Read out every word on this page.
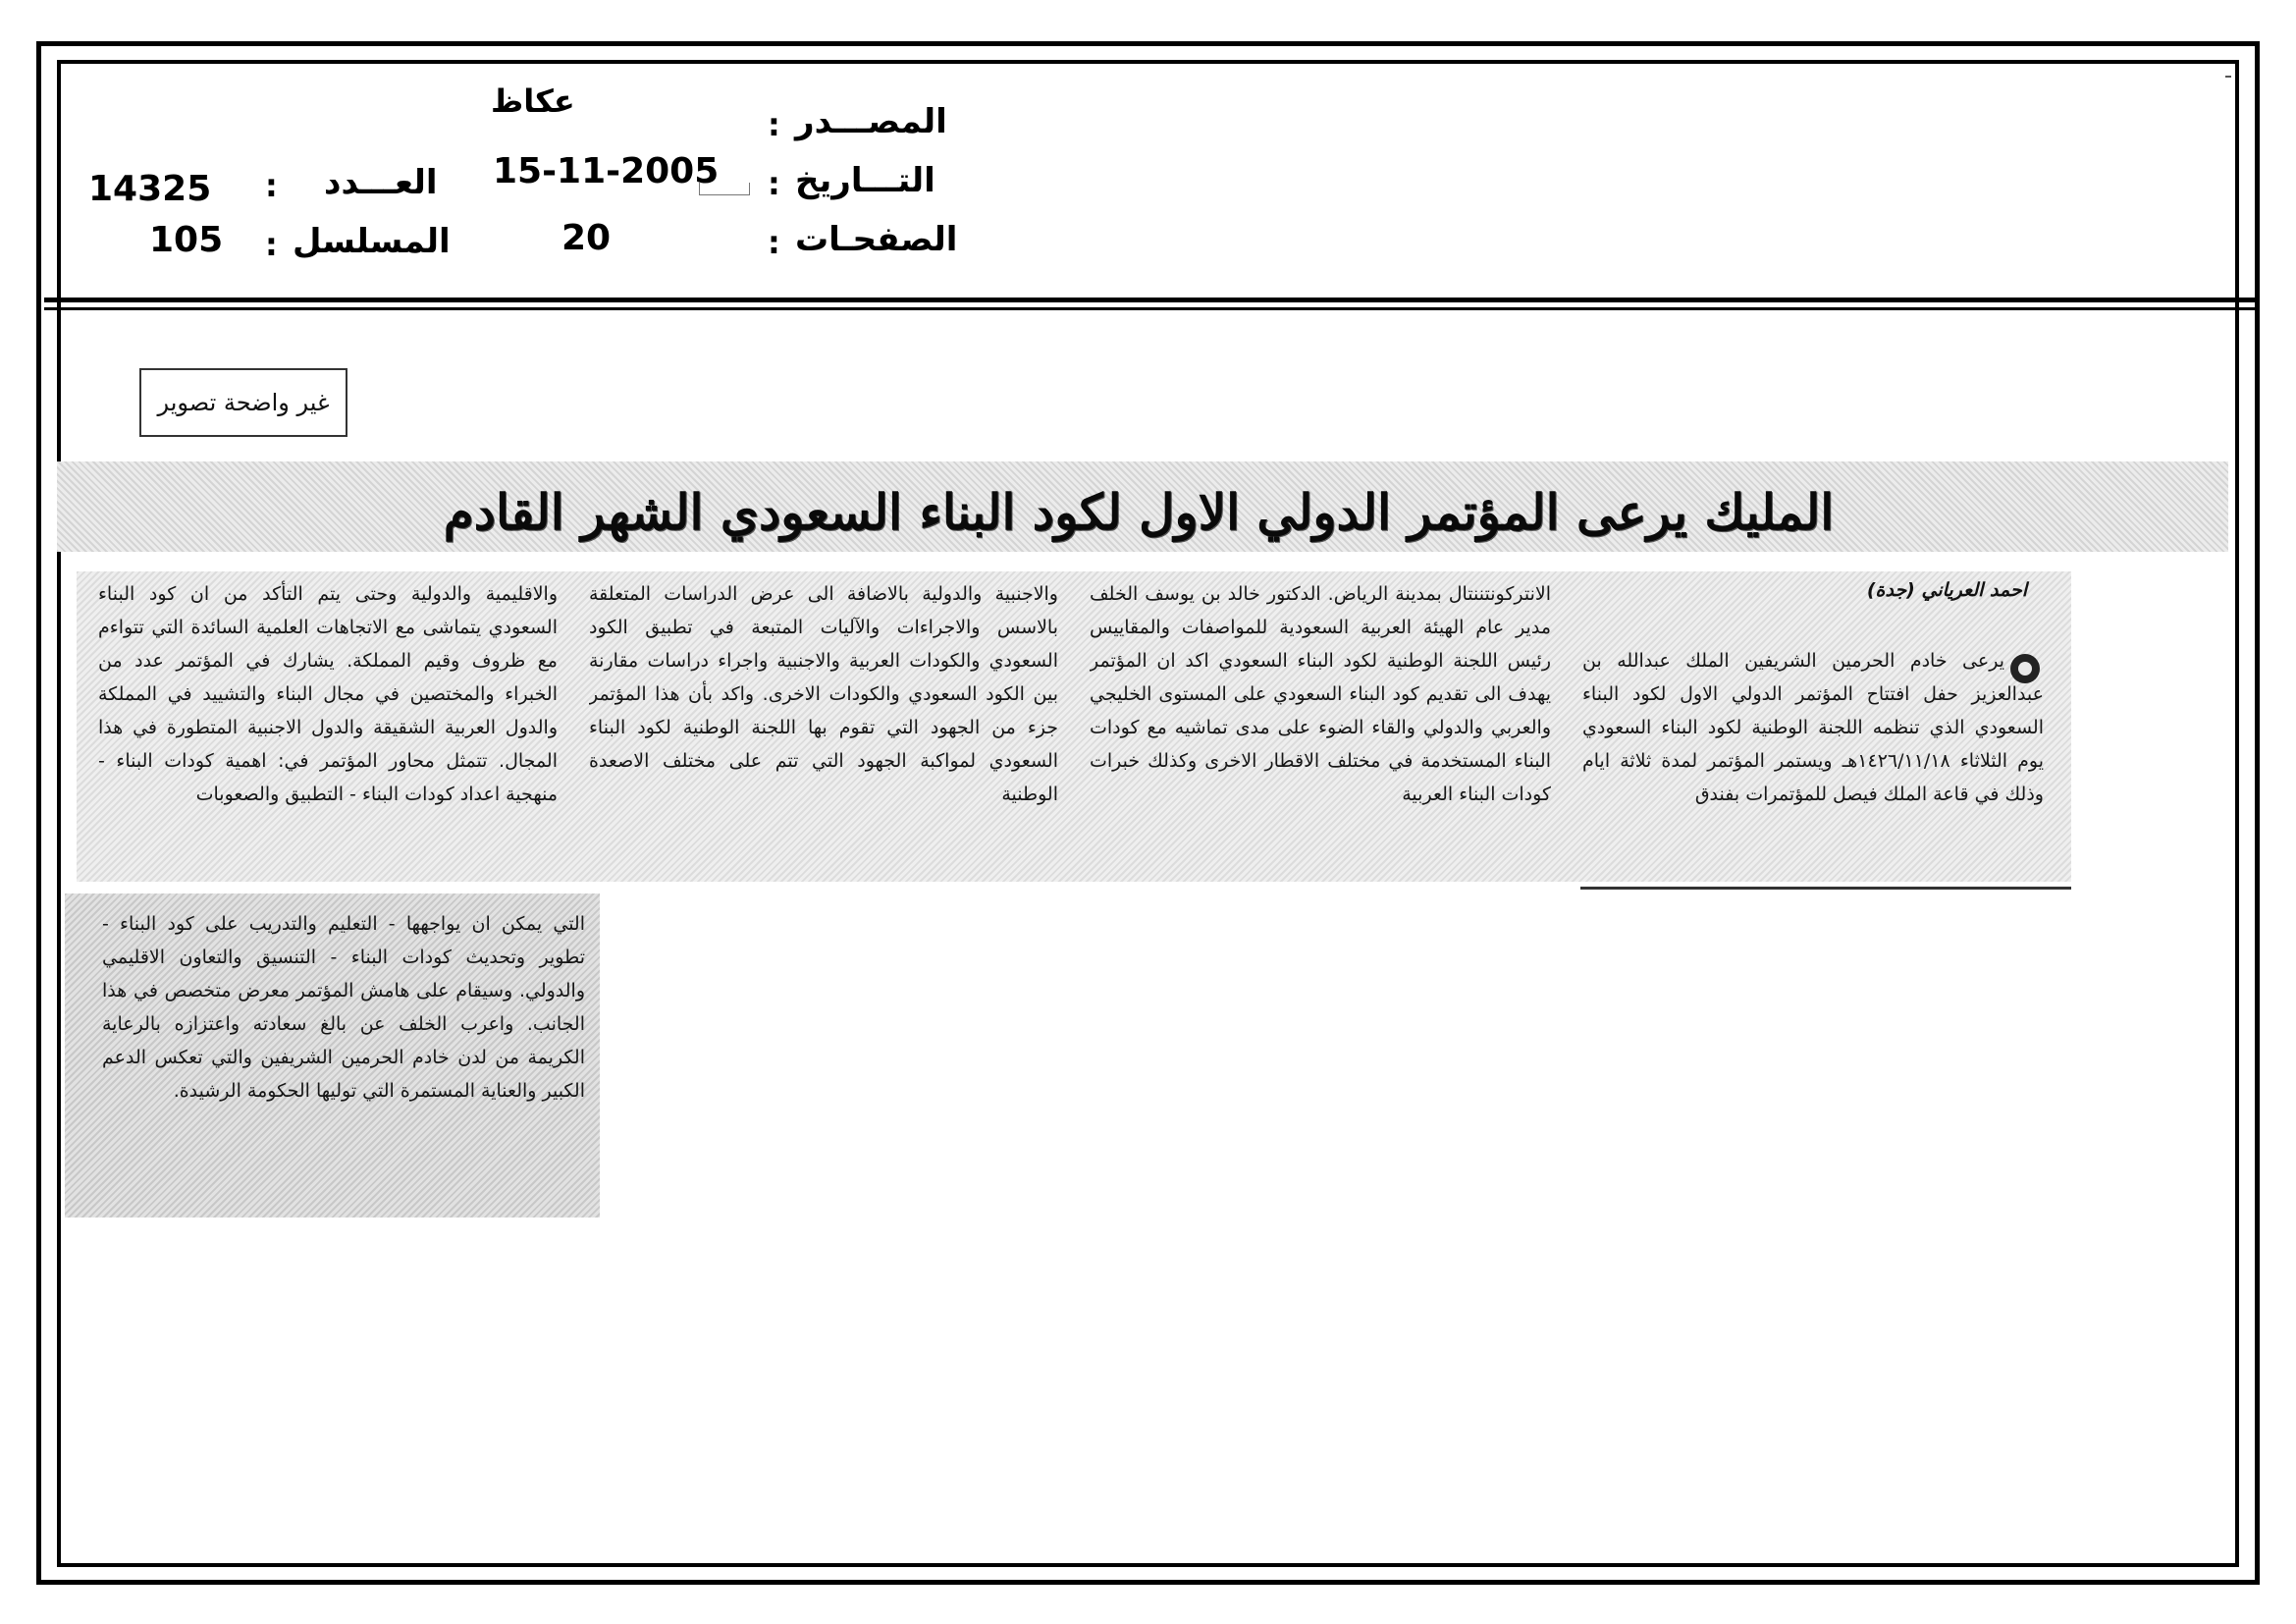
المصـــدر
:
عكاظ
التـــاريخ
:
15-11-2005
الصفحـات
:
20
العـــدد
:
14325
المسلسل
:
105
غير واضحة تصوير
المليك يرعى المؤتمر الدولي الاول لكود البناء السعودي الشهر القادم
احمد العرياني (جدة)
يرعى خادم الحرمين الشريفين الملك عبدالله بن عبدالعزيز حفل افتتاح المؤتمر الدولي الاول لكود البناء السعودي الذي تنظمه اللجنة الوطنية لكود البناء السعودي يوم الثلاثاء ١٤٢٦/١١/١٨هـ ويستمر المؤتمر لمدة ثلاثة ايام وذلك في قاعة الملك فيصل للمؤتمرات بفندق
الانتركونتننتال بمدينة الرياض. الدكتور خالد بن يوسف الخلف مدير عام الهيئة العربية السعودية للمواصفات والمقاييس رئيس اللجنة الوطنية لكود البناء السعودي اكد ان المؤتمر يهدف الى تقديم كود البناء السعودي على المستوى الخليجي والعربي والدولي والقاء الضوء على مدى تماشيه مع كودات البناء المستخدمة في مختلف الاقطار الاخرى وكذلك خبرات كودات البناء العربية
والاجنبية والدولية بالاضافة الى عرض الدراسات المتعلقة بالاسس والاجراءات والآليات المتبعة في تطبيق الكود السعودي والكودات العربية والاجنبية واجراء دراسات مقارنة بين الكود السعودي والكودات الاخرى. واكد بأن هذا المؤتمر جزء من الجهود التي تقوم بها اللجنة الوطنية لكود البناء السعودي لمواكبة الجهود التي تتم على مختلف الاصعدة الوطنية
والاقليمية والدولية وحتى يتم التأكد من ان كود البناء السعودي يتماشى مع الاتجاهات العلمية السائدة التي تتواءم مع ظروف وقيم المملكة. يشارك في المؤتمر عدد من الخبراء والمختصين في مجال البناء والتشييد في المملكة والدول العربية الشقيقة والدول الاجنبية المتطورة في هذا المجال. تتمثل محاور المؤتمر في: اهمية كودات البناء - منهجية اعداد كودات البناء - التطبيق والصعوبات
التي يمكن ان يواجهها - التعليم والتدريب على كود البناء - تطوير وتحديث كودات البناء - التنسيق والتعاون الاقليمي والدولي. وسيقام على هامش المؤتمر معرض متخصص في هذا الجانب. واعرب الخلف عن بالغ سعادته واعتزازه بالرعاية الكريمة من لدن خادم الحرمين الشريفين والتي تعكس الدعم الكبير والعناية المستمرة التي توليها الحكومة الرشيدة.
